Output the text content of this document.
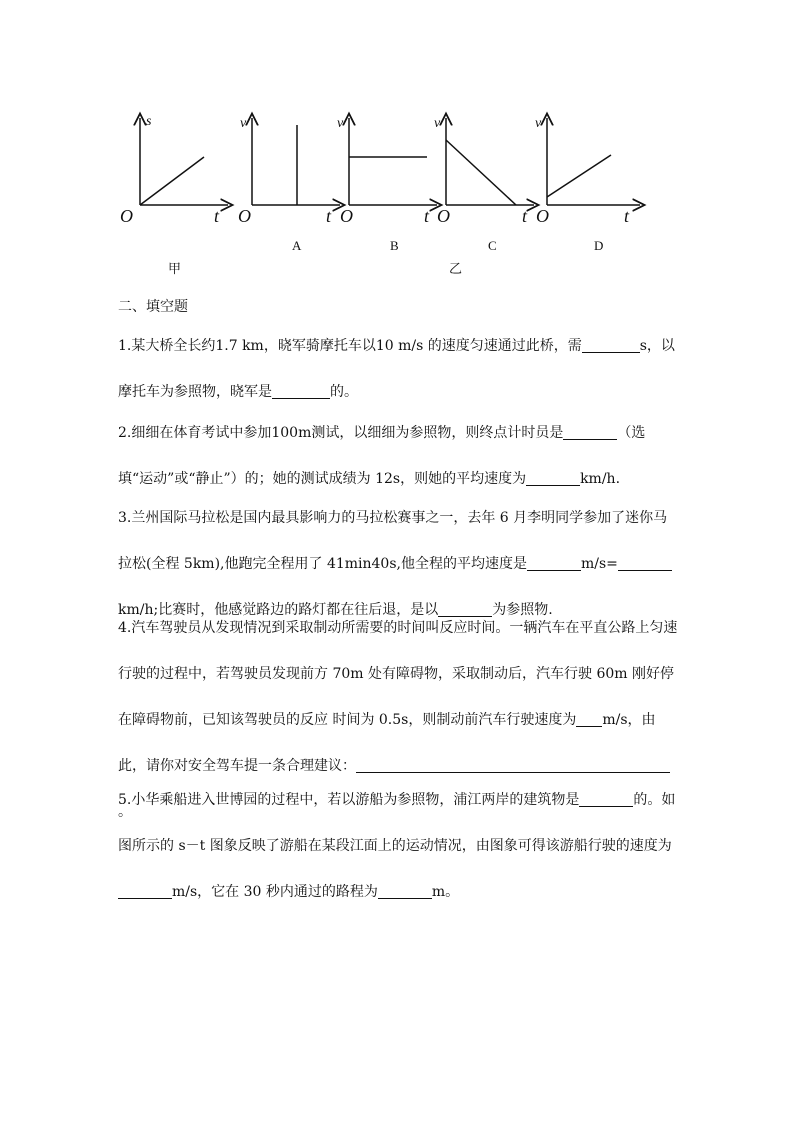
s
O	t
v
O	t
v
O	t
v
O	t
v
O	t
A	B	C	D
甲	乙
二、填空题

1.某大桥全长约1.7 km，晓军骑摩托车以10 m/s 的速度匀速通过此桥，需	s，以摩托车为参照物，晓军是	的。

2.细细在体育考试中参加100m测试，以细细为参照物，则终点计时员是	（选填“运动”或“静止”）的；她的测试成绩为 12s，则她的平均速度为	km/h.

3.兰州国际马拉松是国内最具影响力的马拉松赛事之一，去年 6 月李明同学参加了迷你马拉松(全程 5km),他跑完全程用了 41min40s,他全程的平均速度是	m/s=km/h;比赛时，他感觉路边的路灯都在往后退，是以	为参照物.

4.汽车驾驶员从发现情况到采取制动所需要的时间叫反应时间。一辆汽车在平直公路上匀速行驶的过程中，若驾驶员发现前方 70m 处有障碍物，采取制动后，汽车行驶 60m 刚好停在障碍物前，已知该驾驶员的反应 时间为 0.5s，则制动前汽车行驶速度为 m/s，由此，请你对安全驾车提一条合理建议：。

5.小华乘船进入世博园的过程中，若以游船为参照物，浦江两岸的建筑物是	的。如图所示的 s－t 图象反映了游船在某段江面上的运动情况，由图象可得该游船行驶的速度为m/s，它在 30 秒内通过的路程为	m。
